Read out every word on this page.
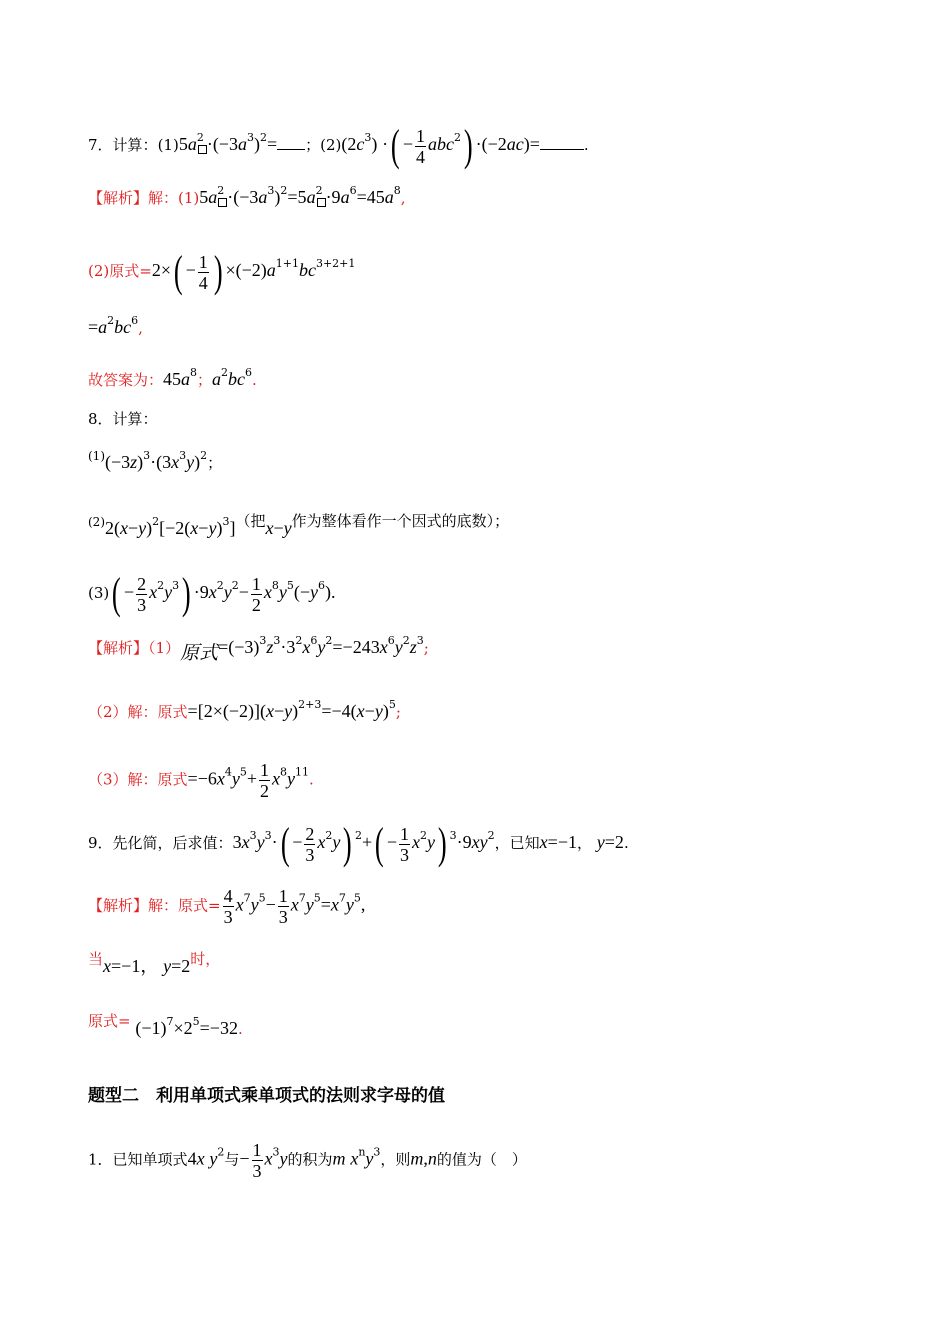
7．计算：$(1)5a^2 \cdot(-3a^3)^2=$ ；$(2)(2c^3)$ ·( − $\frac{1}{4} abc^2) \cdot(-2ac)=$	.
【解析】解：$(1)5a^2 \cdot(-3a^3)^2=5a^2 \cdot 9a^6=45a^8$,
(2)原式$=2\times( - \frac{1}{4}$ ) $\times(-2)a^{1+1}bc^{3+2+1}$
$=a^2bc^6$,
故答案为：$45a^8$；$a^2bc^6$.
8．计算：
$^{(1)}(-3z)^3\cdot(3x^3y)^2$；
$^{(2)}2(x-y)^2[-2(x-y)^3]$（把x−y作为整体看作一个因式的底数）；
$(3)( - \frac{2}{3} x^2y^3) \cdot 9x^2y^2- \frac{1}{2} x^8y^5(-y^6)$.
【解析】（1）原式$=(-3)^3z^3\cdot 3^2x^6y^2=-243x^6y^2z^3$;
（2）解：原式$=[2\times(-2)](x-y)^{2+3}=-4(x-y)^5$;
（3）解：原式$=-6x^4y^5+ \frac{1}{2} x^8y^{11}$.
9．先化简，后求值：$3x^3y^3\cdot( - \frac{2}{3} x^2y) ^2+( - \frac{1}{3} x^2y)$ $^3\cdot 9xy^2$，已知x=−1， y=2.
【解析】解：原式= $\frac{4}{3} x^7y^5- \frac{1}{3} x^7y^5=x^7y^5$,
当x=−1， y=2时，
原式= $(-1)^7\times 2^5=-32$.
题型二　利用单项式乘单项式的法则求字母的值
1．已知单项式4x $y^2$与− $\frac{1}{3} x^3y$的积为m $x^ny^3$，则m,n的值为（　）
